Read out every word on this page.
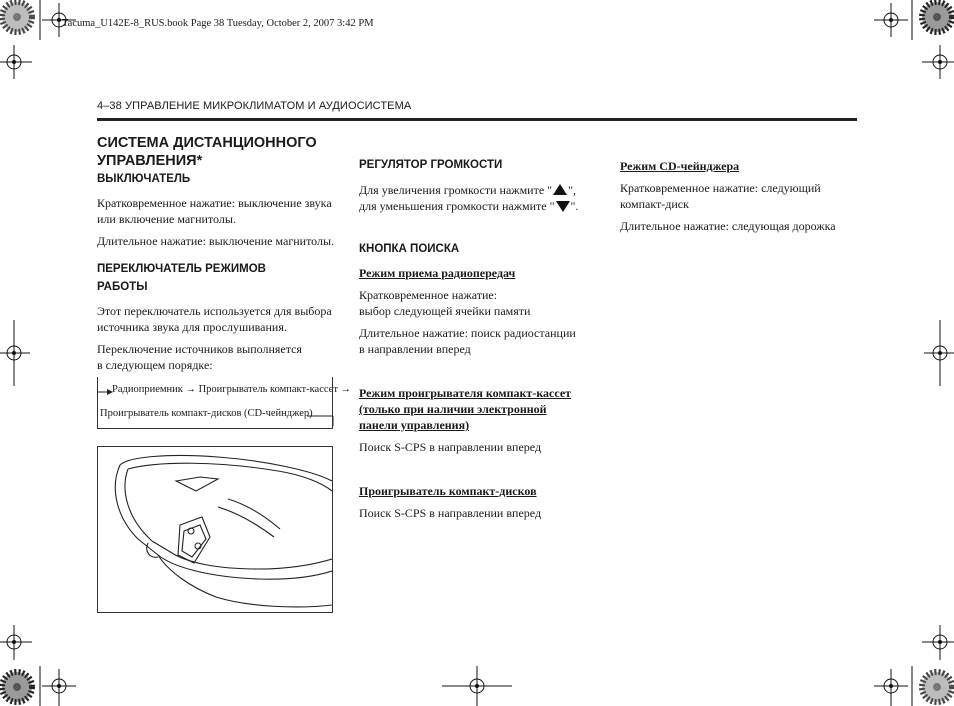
Tacuma_U142E-8_RUS.book Page 38 Tuesday, October 2, 2007 3:42 PM
4–38 УПРАВЛЕНИЕ МИКРОКЛИМАТОМ И АУДИОСИСТЕМА
СИСТЕМА ДИСТАНЦИОННОГО
УПРАВЛЕНИЯ*
ВЫКЛЮЧАТЕЛЬ
Кратковременное нажатие: выключение звука
или включение магнитолы.
Длительное нажатие: выключение магнитолы.
ПЕРЕКЛЮЧАТЕЛЬ РЕЖИМОВ
РАБОТЫ
Этот переключатель используется для выбора
источника звука для прослушивания.
Переключение источников выполняется
в следующем порядке:
Радиоприемник → Проигрыватель компакт-кассет →
Проигрыватель компакт-дисков (CD-чейнджер)
РЕГУЛЯТОР ГРОМКОСТИ
Для увеличения громкости нажмите " ",
для уменьшения громкости нажмите " ".
КНОПКА ПОИСКА
Режим приема радиопередач
Кратковременное нажатие:
выбор следующей ячейки памяти
Длительное нажатие: поиск радиостанции
в направлении вперед
Режим проигрывателя компакт-кассет
(только при наличии электронной
панели управления)
Поиск S-CPS в направлении вперед
Проигрыватель компакт-дисков
Поиск S-CPS в направлении вперед
Режим CD-чейнджера
Кратковременное нажатие: следующий
компакт-диск
Длительное нажатие: следующая дорожка
